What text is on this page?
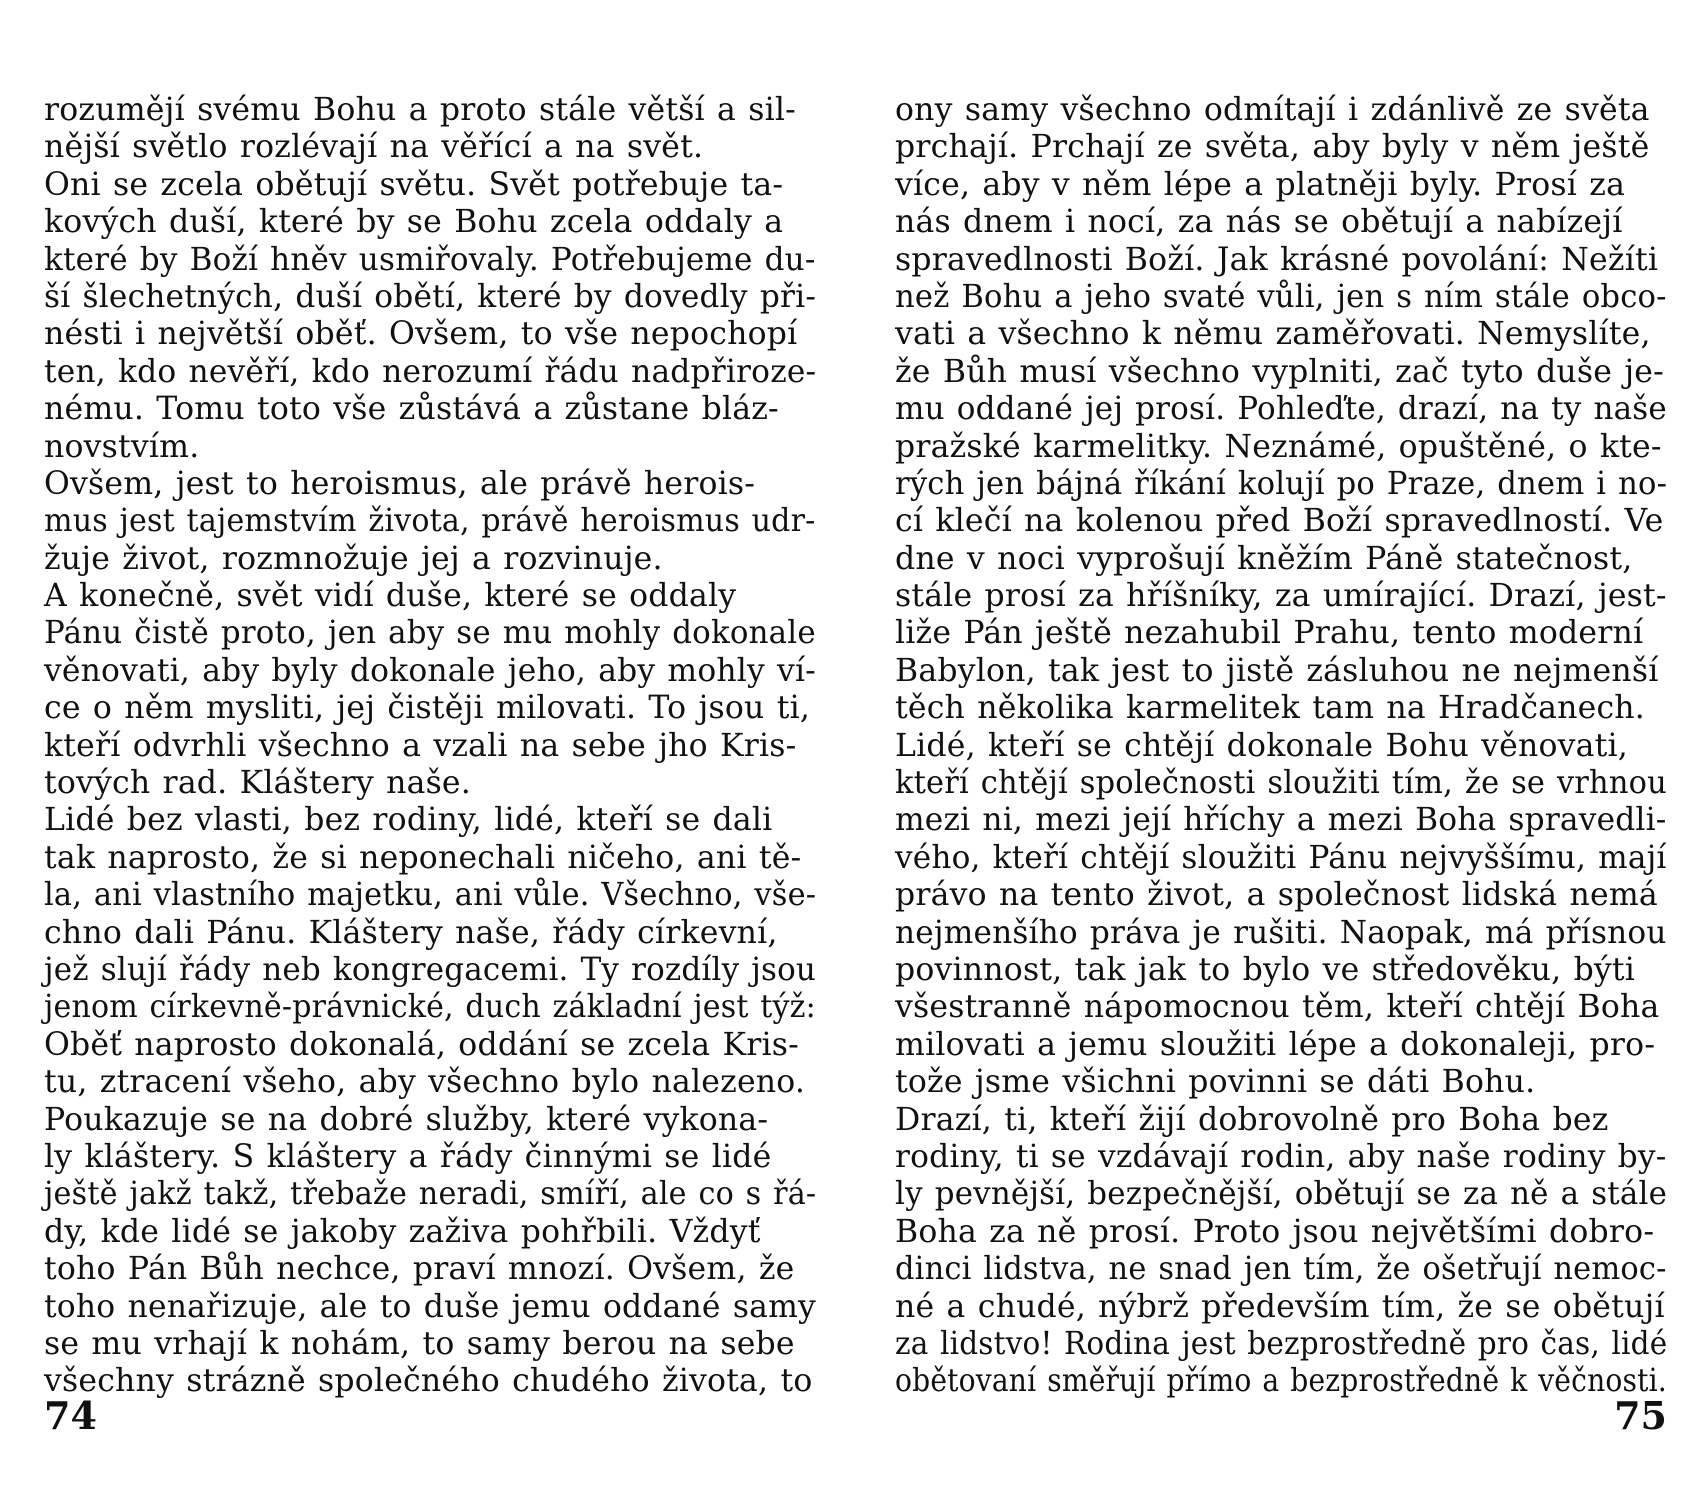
rozumějí svému Bohu a proto stále větší a sil-
nější světlo rozlévají na věřící a na svět.
Oni se zcela obětují světu. Svět potřebuje ta-
kových duší, které by se Bohu zcela oddaly a
které by Boží hněv usmiřovaly. Potřebujeme du-
ší šlechetných, duší obětí, které by dovedly při-
nésti i největší oběť. Ovšem, to vše nepochopí
ten, kdo nevěří, kdo nerozumí řádu nadpřiroze-
nému. Tomu toto vše zůstává a zůstane bláz-
novstvím.
Ovšem, jest to heroismus, ale právě herois-
mus jest tajemstvím života, právě heroismus udr-
žuje život, rozmnožuje jej a rozvinuje.
A konečně, svět vidí duše, které se oddaly
Pánu čistě proto, jen aby se mu mohly dokonale
věnovati, aby byly dokonale jeho, aby mohly ví-
ce o něm mysliti, jej čistěji milovati. To jsou ti,
kteří odvrhli všechno a vzali na sebe jho Kris-
tových rad. Kláštery naše.
Lidé bez vlasti, bez rodiny, lidé, kteří se dali
tak naprosto, že si neponechali ničeho, ani tě-
la, ani vlastního majetku, ani vůle. Všechno, vše-
chno dali Pánu. Kláštery naše, řády církevní,
jež slují řády neb kongregacemi. Ty rozdíly jsou
jenom církevně-právnické, duch základní jest týž:
Oběť naprosto dokonalá, oddání se zcela Kris-
tu, ztracení všeho, aby všechno bylo nalezeno.
Poukazuje se na dobré služby, které vykona-
ly kláštery. S kláštery a řády činnými se lidé
ještě jakž takž, třebaže neradi, smíří, ale co s řá-
dy, kde lidé se jakoby zaživa pohřbili. Vždyť
toho Pán Bůh nechce, praví mnozí. Ovšem, že
toho nenařizuje, ale to duše jemu oddané samy
se mu vrhají k nohám, to samy berou na sebe
všechny strázně společného chudého života, to
74
ony samy všechno odmítají i zdánlivě ze světa
prchají. Prchají ze světa, aby byly v něm ještě
více, aby v něm lépe a platněji byly. Prosí za
nás dnem i nocí, za nás se obětují a nabízejí
spravedlnosti Boží. Jak krásné povolání: Nežíti
než Bohu a jeho svaté vůli, jen s ním stále obco-
vati a všechno k němu zaměřovati. Nemyslíte,
že Bůh musí všechno vyplniti, zač tyto duše je-
mu oddané jej prosí. Pohleďte, drazí, na ty naše
pražské karmelitky. Neznámé, opuštěné, o kte-
rých jen bájná říkání kolují po Praze, dnem i no-
cí klečí na kolenou před Boží spravedlností. Ve
dne v noci vyprošují kněžím Páně statečnost,
stále prosí za hříšníky, za umírající. Drazí, jest-
liže Pán ještě nezahubil Prahu, tento moderní
Babylon, tak jest to jistě zásluhou ne nejmenší
těch několika karmelitek tam na Hradčanech.
Lidé, kteří se chtějí dokonale Bohu věnovati,
kteří chtějí společnosti sloužiti tím, že se vrhnou
mezi ni, mezi její hříchy a mezi Boha spravedli-
vého, kteří chtějí sloužiti Pánu nejvyššímu, mají
právo na tento život, a společnost lidská nemá
nejmenšího práva je rušiti. Naopak, má přísnou
povinnost, tak jak to bylo ve středověku, býti
všestranně nápomocnou těm, kteří chtějí Boha
milovati a jemu sloužiti lépe a dokonaleji, pro-
tože jsme všichni povinni se dáti Bohu.
Drazí, ti, kteří žijí dobrovolně pro Boha bez
rodiny, ti se vzdávají rodin, aby naše rodiny by-
ly pevnější, bezpečnější, obětují se za ně a stále
Boha za ně prosí. Proto jsou největšími dobro-
dinci lidstva, ne snad jen tím, že ošetřují nemoc-
né a chudé, nýbrž především tím, že se obětují
za lidstvo! Rodina jest bezprostředně pro čas, lidé
obětovaní směřují přímo a bezprostředně k věčnosti.
75
